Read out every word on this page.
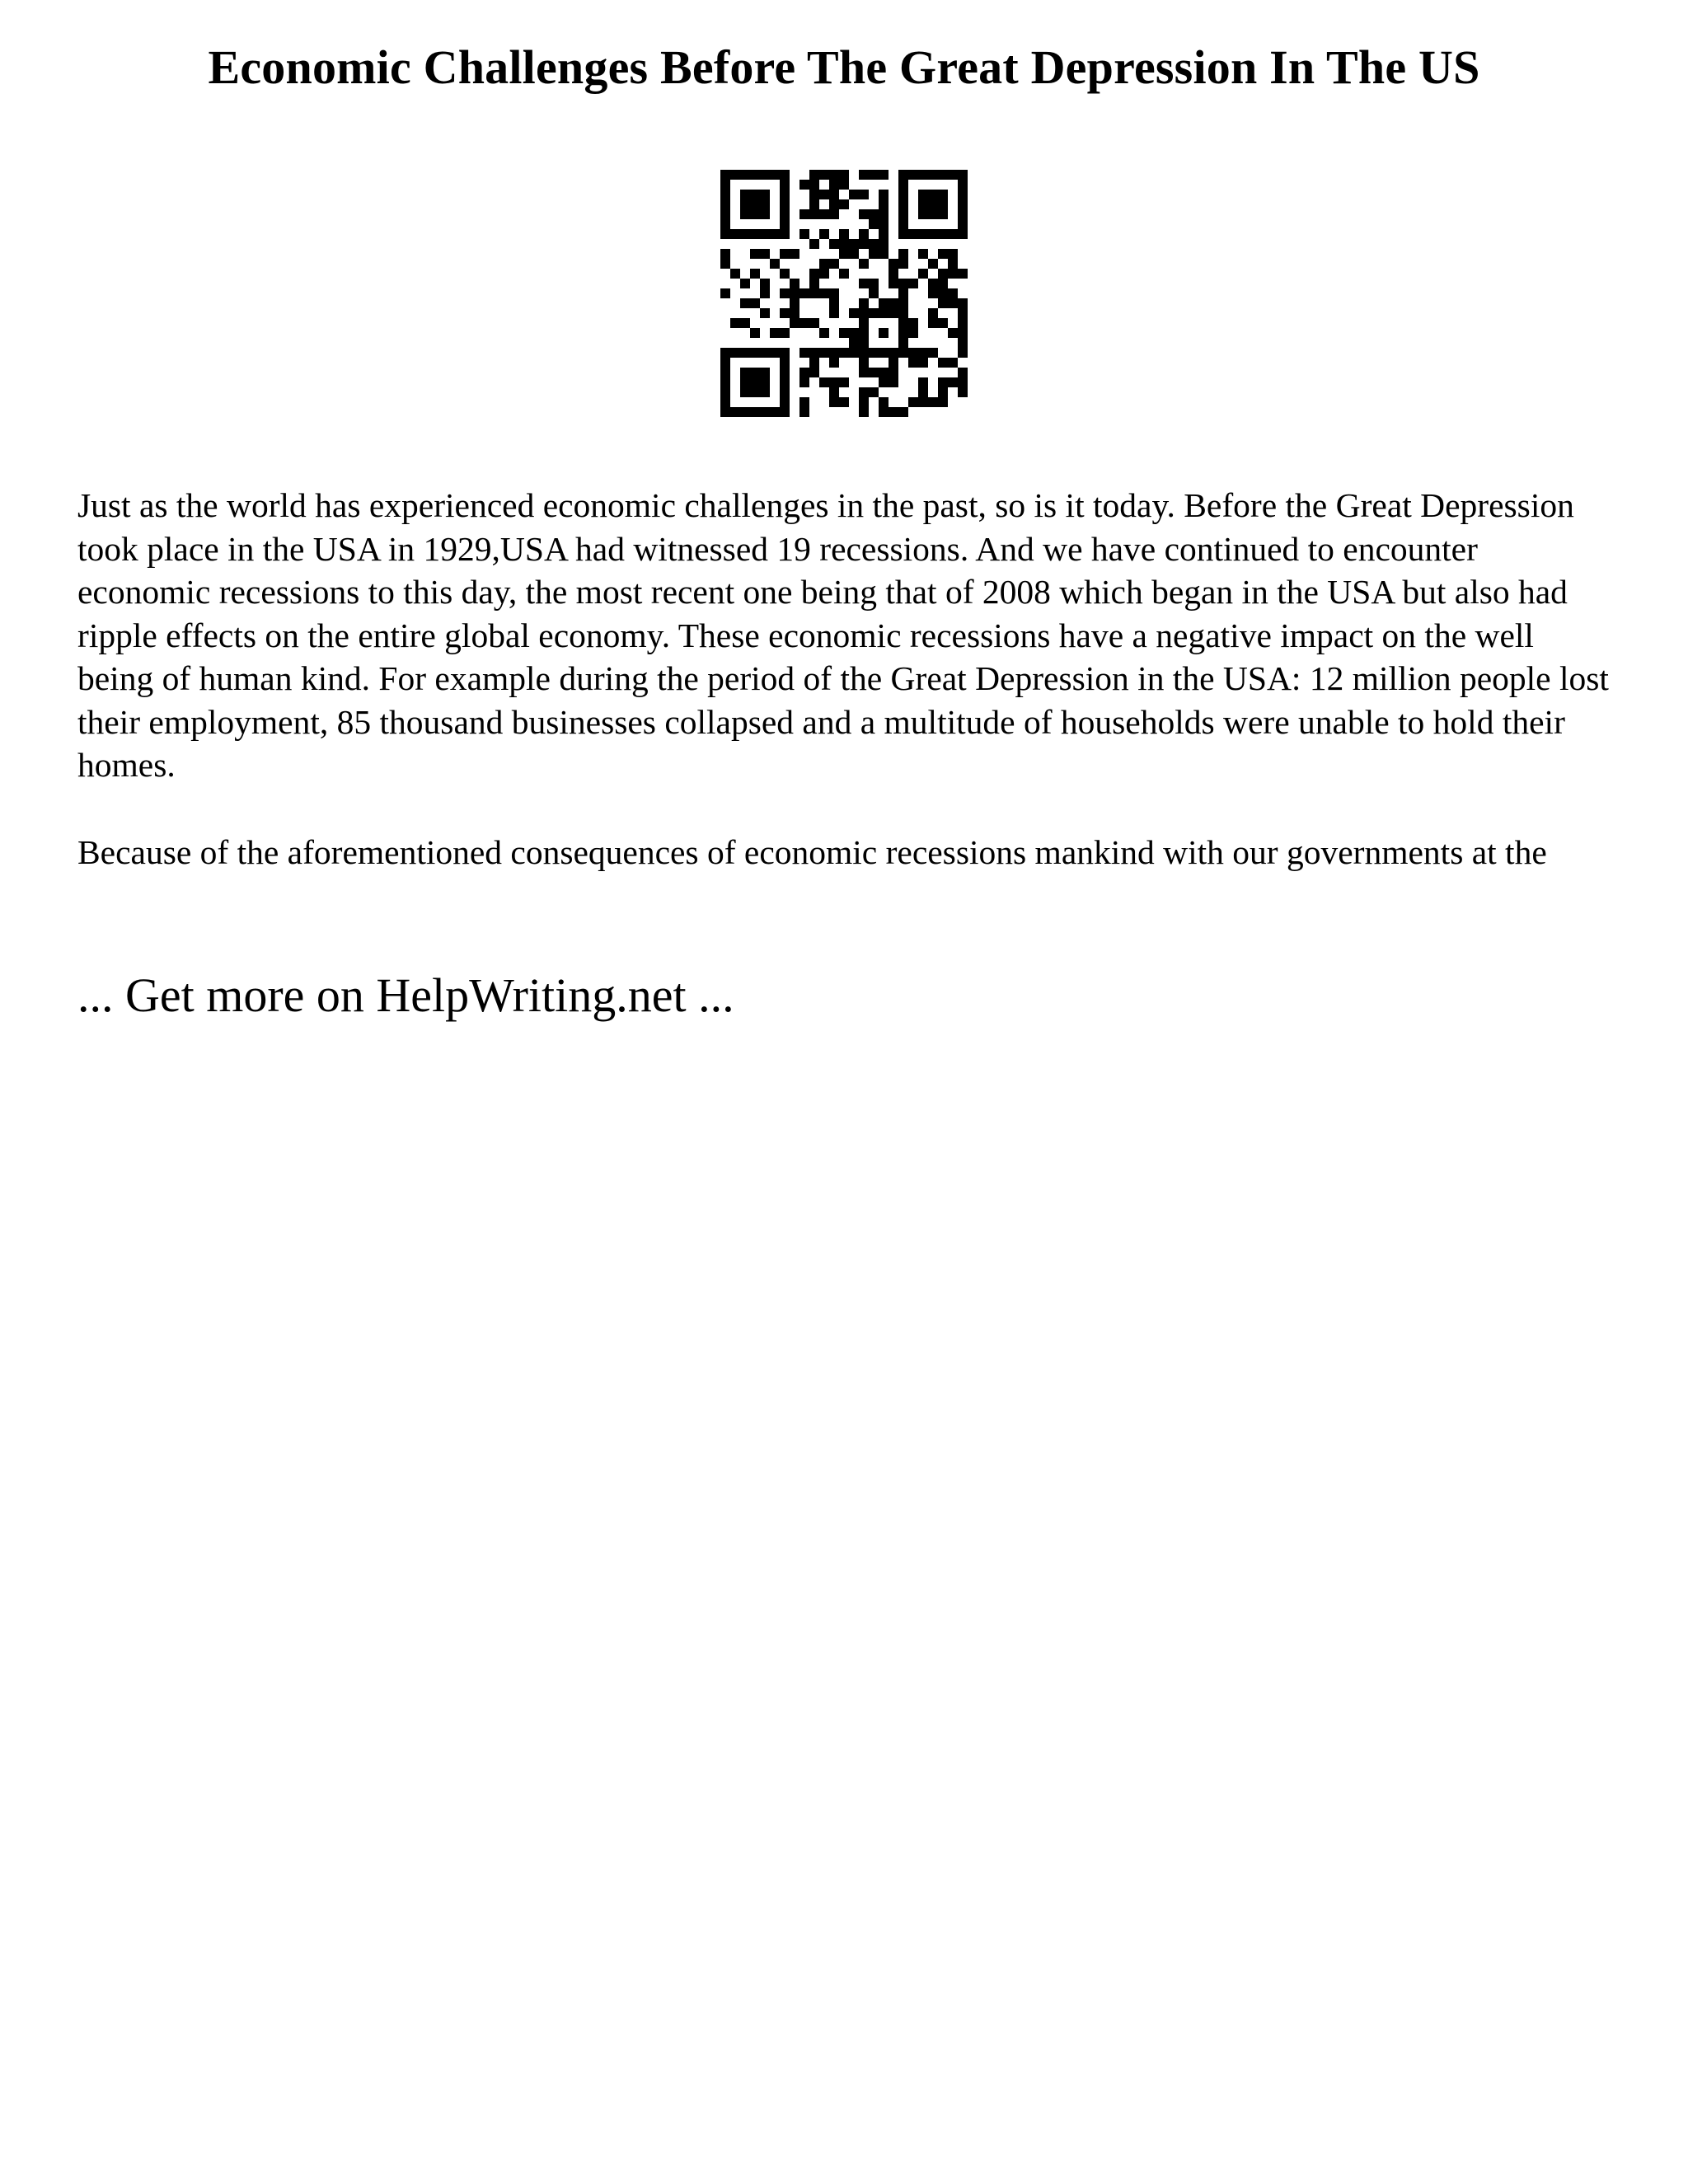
Economic Challenges Before The Great Depression In The US

Just as the world has experienced economic challenges in the past, so is it today. Before the Great Depression took place in the USA in 1929,USA had witnessed 19 recessions. And we have continued to encounter economic recessions to this day, the most recent one being that of 2008 which began in the USA but also had ripple effects on the entire global economy. These economic recessions have a negative impact on the well being of human kind. For example during the period of the Great Depression in the USA: 12 million people lost their employment, 85 thousand businesses collapsed and a multitude of households were unable to hold their homes.

Because of the aforementioned consequences of economic recessions mankind with our governments at the

... Get more on HelpWriting.net ...
